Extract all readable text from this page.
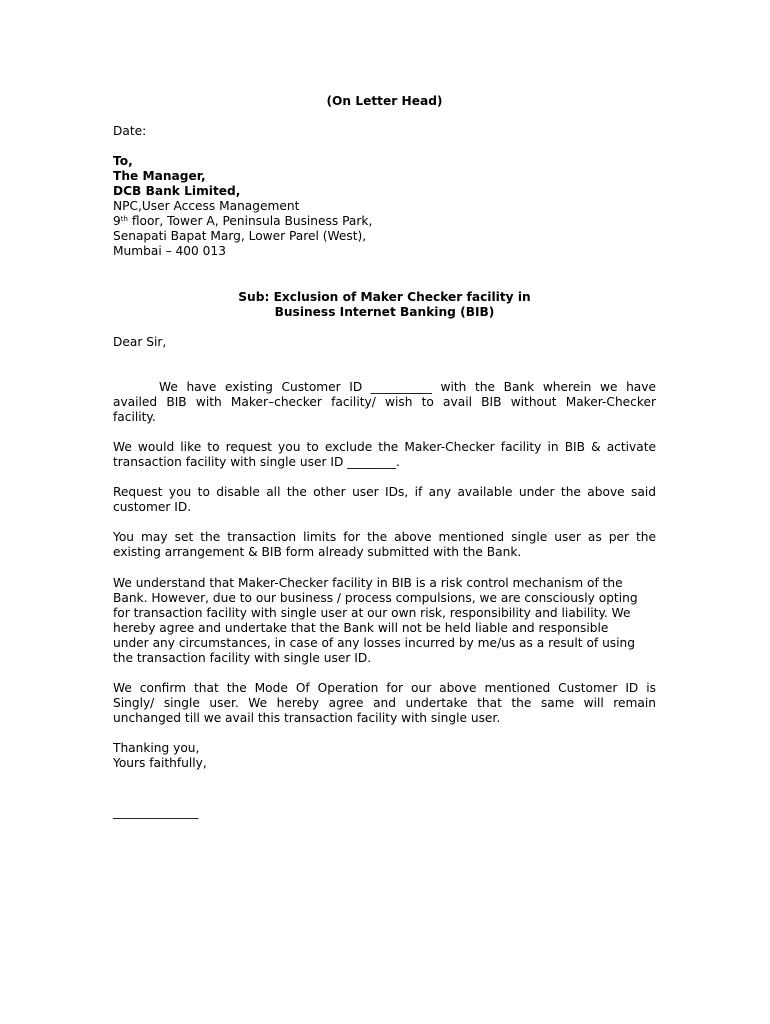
(On Letter Head)

Date:

To,
The Manager,
DCB Bank Limited,
NPC,User Access Management
9th floor, Tower A, Peninsula Business Park,
Senapati Bapat Marg, Lower Parel (West),
Mumbai – 400 013
Sub: Exclusion of Maker Checker facility in
Business Internet Banking (BIB)

Dear Sir,

We have existing Customer ID __________ with the Bank wherein we have
availed BIB with Maker–checker facility/ wish to avail BIB without Maker-Checker
facility.
We would like to request you to exclude the Maker-Checker facility in BIB & activate
transaction facility with single user ID ________.
Request you to disable all the other user IDs, if any available under the above said
customer ID.
You may set the transaction limits for the above mentioned single user as per the
existing arrangement & BIB form already submitted with the Bank.
We understand that Maker-Checker facility in BIB is a risk control mechanism of the
Bank. However, due to our business / process compulsions, we are consciously opting
for transaction facility with single user at our own risk, responsibility and liability. We
hereby agree and undertake that the Bank will not be held liable and responsible
under any circumstances, in case of any losses incurred by me/us as a result of using
the transaction facility with single user ID.
We confirm that the Mode Of Operation for our above mentioned Customer ID is
Singly/ single user. We hereby agree and undertake that the same will remain
unchanged till we avail this transaction facility with single user.
Thanking you,
Yours faithfully,

______________
